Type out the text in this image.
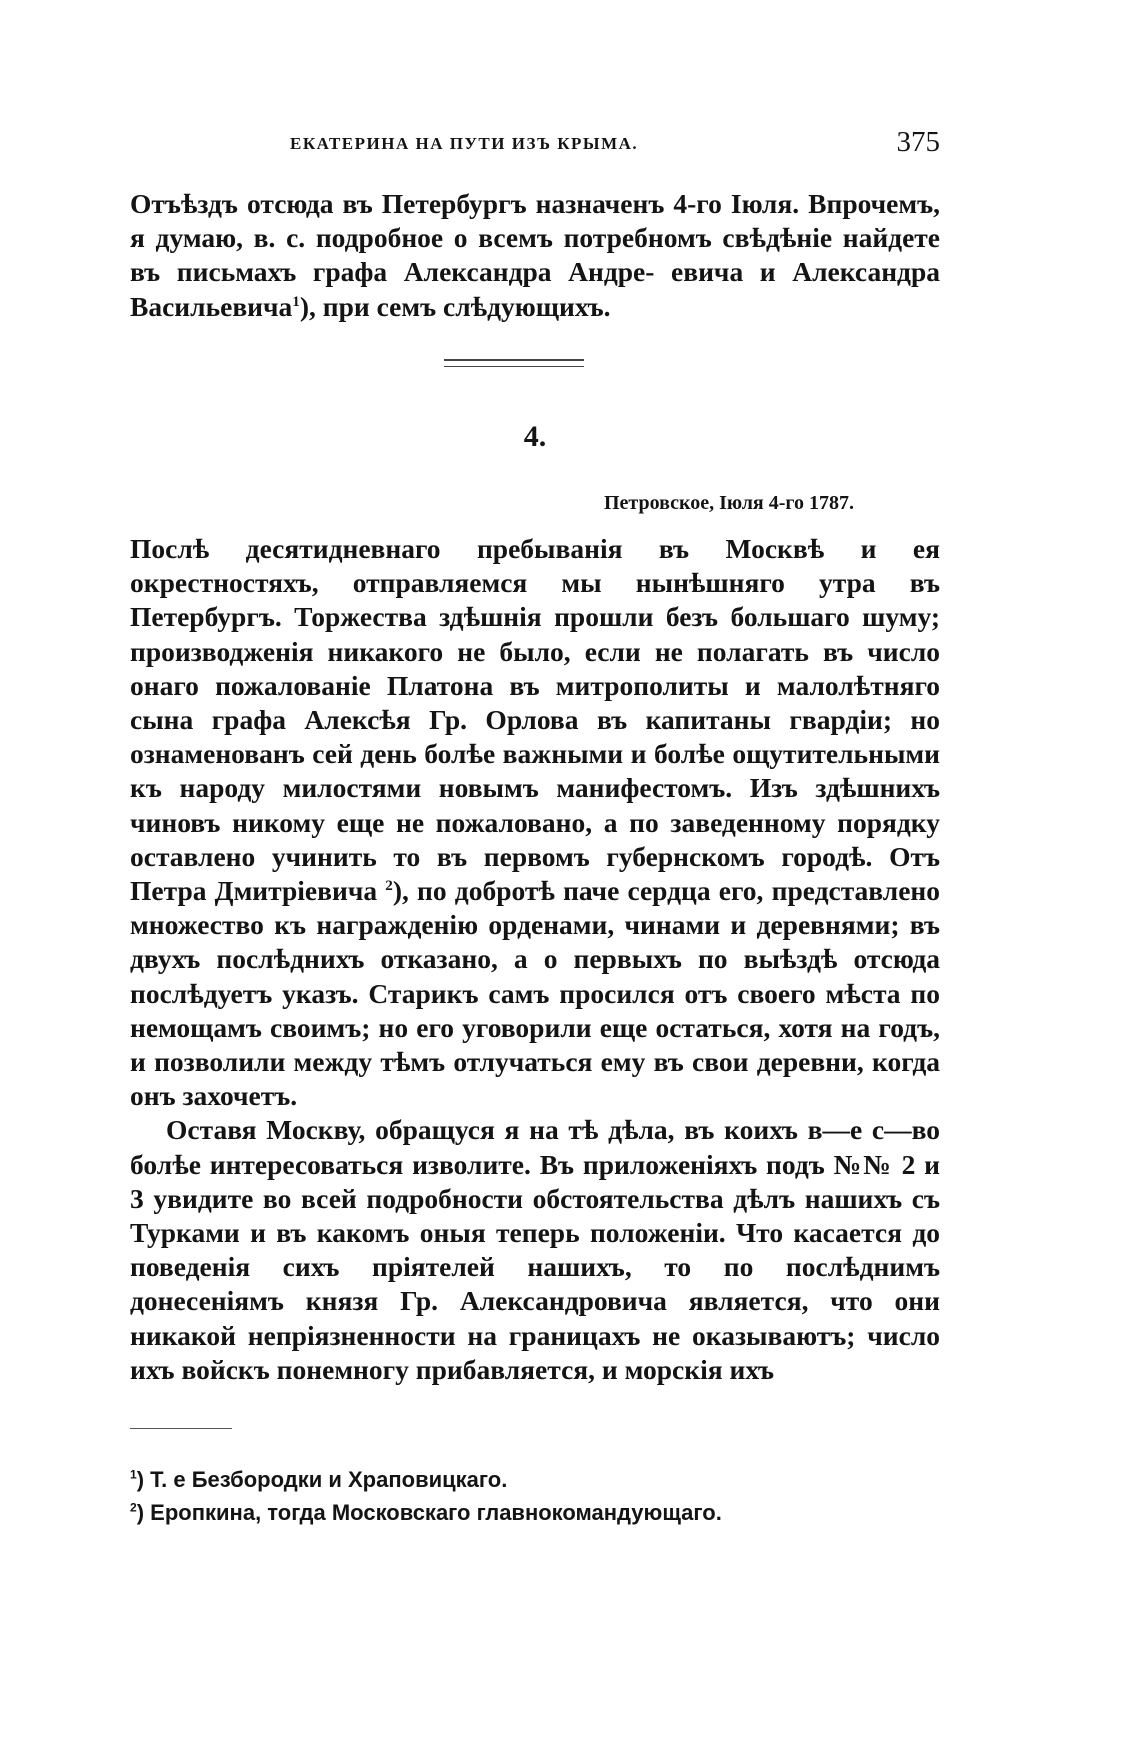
ЕКАТЕРИНА НА ПУТИ ИЗЪ КРЫМА.	375

Отъѣздъ отсюда въ Петербургъ назначенъ 4-го Іюля. Впрочемъ, я думаю, в. с. подробное о всемъ потребномъ свѣдѣніе найдете въ письмахъ графа Александра Андре- евича и Александра Васильевича$^1$), при семъ слѣдующихъ.

4.
Петровское, Іюля 4-го 1787.

Послѣ десятидневнаго пребыванія въ Москвѣ и ея окрестностяхъ, отправляемся мы нынѣшняго утра въ Петербургъ. Торжества здѣшнія прошли безъ большаго шуму; производженія никакого не было, если не полагать въ число онаго пожалованіе Платона въ митрополиты и малолѣтняго сына графа Алексѣя Гр. Орлова въ капитаны гвардіи; но ознаменованъ сей день болѣе важными и болѣе ощутительными къ народу милостями новымъ манифестомъ. Изъ здѣшнихъ чиновъ никому еще не пожаловано, а по заведенному порядку оставлено учинить то въ первомъ губернскомъ городѣ. Отъ Петра Дмитріевича $^2$), по добротѣ паче сердца его, представлено множество къ награжденію орденами, чинами и деревнями; въ двухъ послѣднихъ отказано, а о первыхъ по выѣздѣ отсюда послѣдуетъ указъ. Старикъ самъ просился отъ своего мѣста по немощамъ своимъ; но его уговорили еще остаться, хотя на годъ, и позволили между тѣмъ отлучаться ему въ свои деревни, когда онъ захочетъ.

Оставя Москву, обращуся я на тѣ дѣла, въ коихъ в—е с—во болѣе интересоваться изволите. Въ приложеніяхъ подъ №№ 2 и 3 увидите во всей подробности обстоятельства дѣлъ нашихъ съ Турками и въ какомъ оныя теперь положеніи. Что касается до поведенія сихъ пріятелей нашихъ, то по послѣднимъ донесеніямъ князя Гр. Александровича является, что они никакой непріязненности на границахъ не оказываютъ; число ихъ войскъ понемногу прибавляется, и морскія ихъ

$^1$) Т. е Безбородки и Храповицкаго.
$^2$) Еропкина, тогда Московскаго главнокомандующаго.
